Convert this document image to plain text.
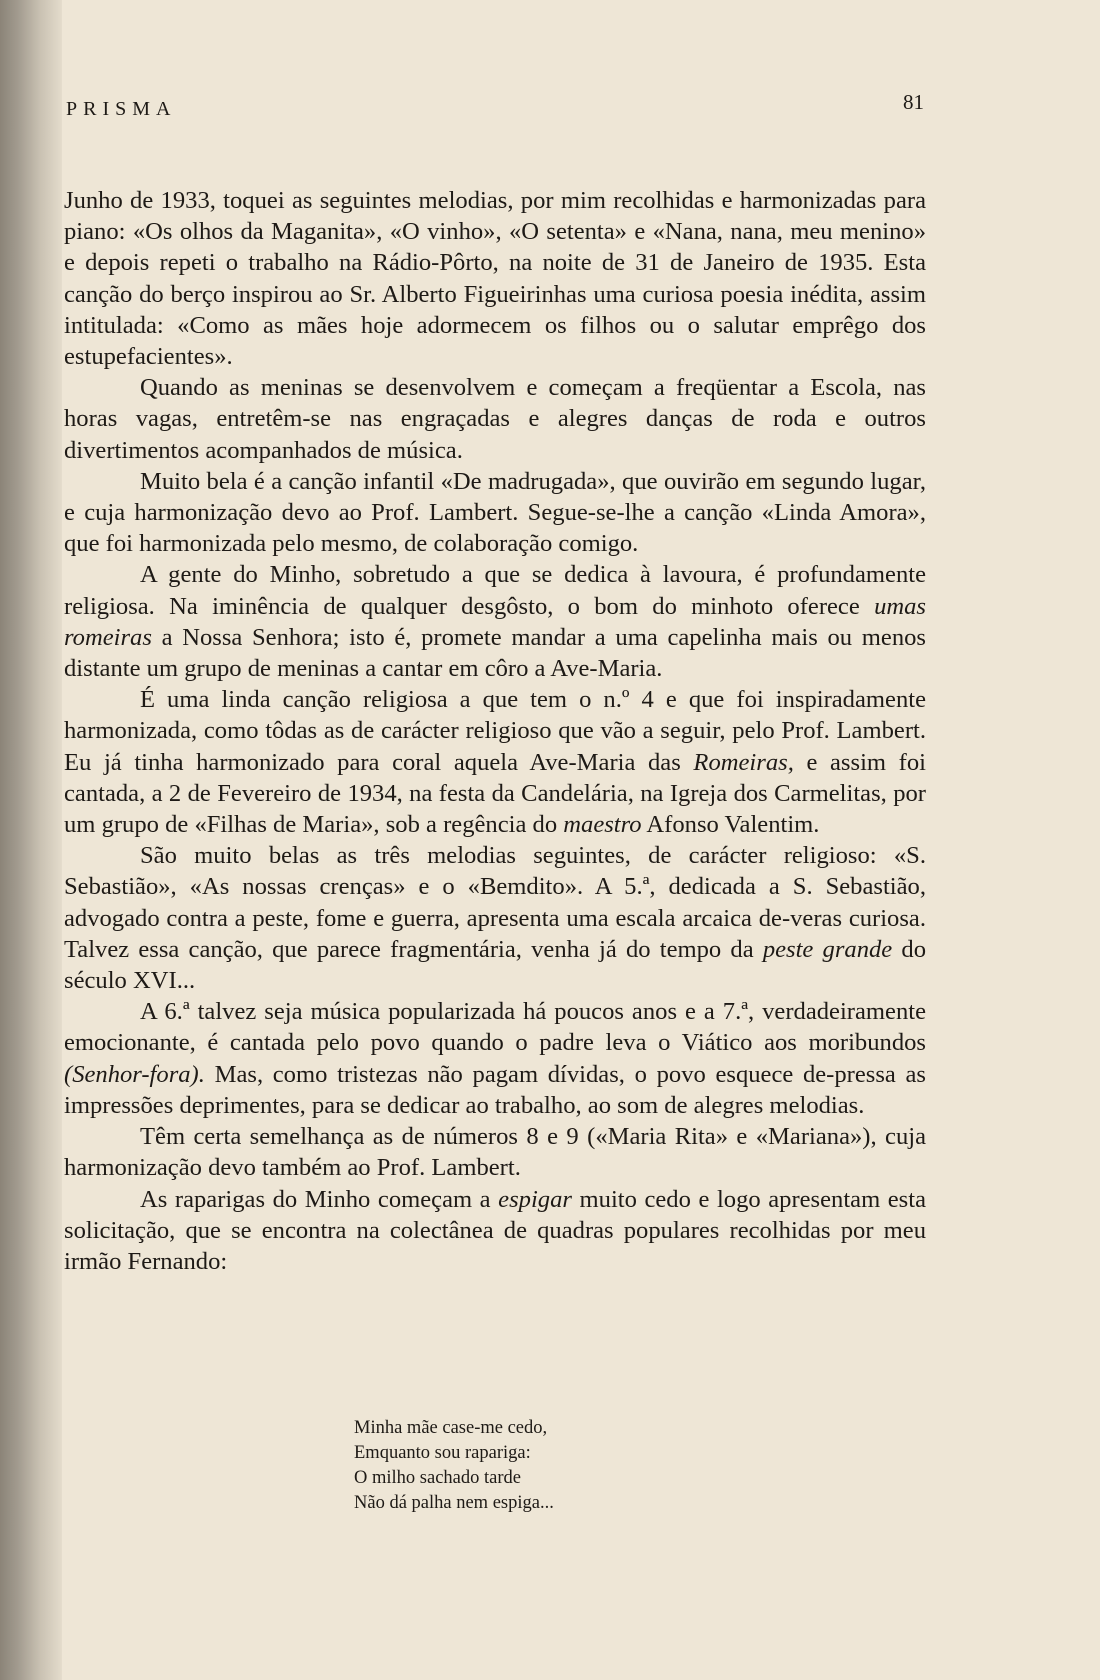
PRISMA	81

Junho de 1933, toquei as seguintes melodias, por mim recolhidas e harmonizadas para piano: «Os olhos da Maganita», «O vinho», «O setenta» e «Nana, nana, meu menino» e depois repeti o trabalho na Rádio-Pôrto, na noite de 31 de Janeiro de 1935. Esta canção do berço inspirou ao Sr. Alberto Figueirinhas uma curiosa poesia inédita, assim intitulada: «Como as mães hoje adormecem os filhos ou o salutar emprêgo dos estupefacientes».

Quando as meninas se desenvolvem e começam a freqüentar a Escola, nas horas vagas, entretêm-se nas engraçadas e alegres danças de roda e outros divertimentos acompanhados de música.

Muito bela é a canção infantil «De madrugada», que ouvirão em segundo lugar, e cuja harmonização devo ao Prof. Lambert. Segue-se-lhe a canção «Linda Amora», que foi harmonizada pelo mesmo, de colaboração comigo.

A gente do Minho, sobretudo a que se dedica à lavoura, é profundamente religiosa. Na iminência de qualquer desgôsto, o bom do minhoto oferece umas romeiras a Nossa Senhora; isto é, promete mandar a uma capelinha mais ou menos distante um grupo de meninas a cantar em côro a Ave-Maria.

É uma linda canção religiosa a que tem o n.º 4 e que foi inspiradamente harmonizada, como tôdas as de carácter religioso que vão a seguir, pelo Prof. Lambert. Eu já tinha harmonizado para coral aquela Ave-Maria das Romeiras, e assim foi cantada, a 2 de Fevereiro de 1934, na festa da Candelária, na Igreja dos Carmelitas, por um grupo de «Filhas de Maria», sob a regência do maestro Afonso Valentim.

São muito belas as três melodias seguintes, de carácter religioso: «S. Sebastião», «As nossas crenças» e o «Bemdito». A 5.ª, dedicada a S. Sebastião, advogado contra a peste, fome e guerra, apresenta uma escala arcaica de-veras curiosa. Talvez essa canção, que parece fragmentária, venha já do tempo da peste grande do século XVI...

A 6.ª talvez seja música popularizada há poucos anos e a 7.ª, verdadeiramente emocionante, é cantada pelo povo quando o padre leva o Viático aos moribundos (Senhor-fora). Mas, como tristezas não pagam dívidas, o povo esquece de-pressa as impressões deprimentes, para se dedicar ao trabalho, ao som de alegres melodias.

Têm certa semelhança as de números 8 e 9 («Maria Rita» e «Mariana»), cuja harmonização devo também ao Prof. Lambert.

As raparigas do Minho começam a espigar muito cedo e logo apresentam esta solicitação, que se encontra na colectânea de quadras populares recolhidas por meu irmão Fernando:

Minha mãe case-me cedo,
Emquanto sou rapariga:
O milho sachado tarde
Não dá palha nem espiga...
